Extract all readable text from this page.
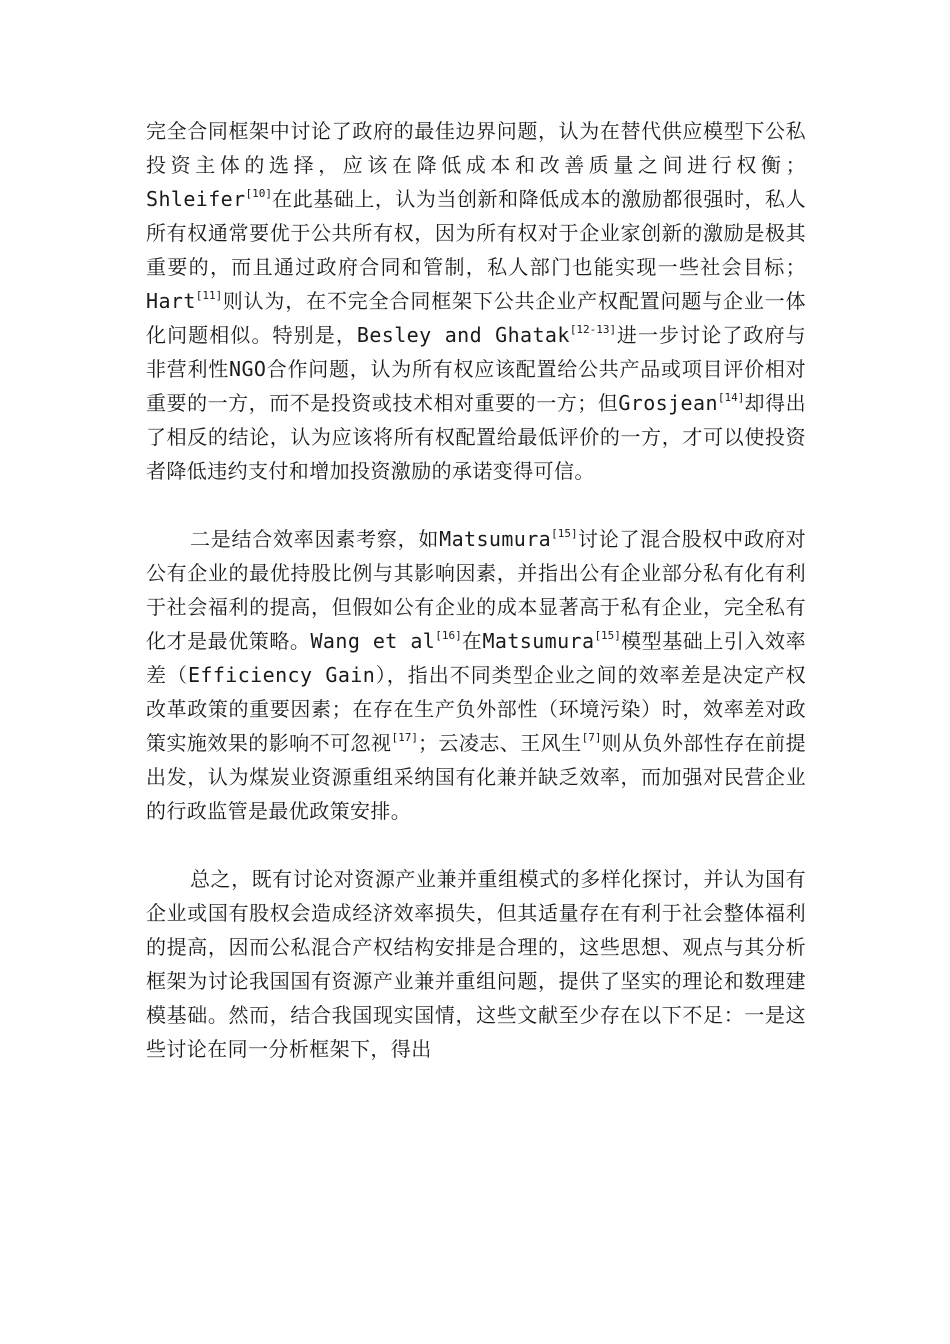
完全合同框架中讨论了政府的最佳边界问题，认为在替代供应模型下公私投资主体的选择，应该在降低成本和改善质量之间进行权衡；Shleifer[10]在此基础上，认为当创新和降低成本的激励都很强时，私人所有权通常要优于公共所有权，因为所有权对于企业家创新的激励是极其重要的，而且通过政府合同和管制，私人部门也能实现一些社会目标；Hart[11]则认为，在不完全合同框架下公共企业产权配置问题与企业一体化问题相似。特别是，Besley and Ghatak[12-13]进一步讨论了政府与非营利性NGO合作问题，认为所有权应该配置给公共产品或项目评价相对重要的一方，而不是投资或技术相对重要的一方；但Grosjean[14]却得出了相反的结论，认为应该将所有权配置给最低评价的一方，才可以使投资者降低违约支付和增加投资激励的承诺变得可信。

二是结合效率因素考察，如Matsumura[15]讨论了混合股权中政府对公有企业的最优持股比例与其影响因素，并指出公有企业部分私有化有利于社会福利的提高，但假如公有企业的成本显著高于私有企业，完全私有化才是最优策略。Wang et al[16]在Matsumura[15]模型基础上引入效率差（Efficiency Gain），指出不同类型企业之间的效率差是决定产权改革政策的重要因素；在存在生产负外部性（环境污染）时，效率差对政策实施效果的影响不可忽视[17]；云凌志、王风生[7]则从负外部性存在前提出发，认为煤炭业资源重组采纳国有化兼并缺乏效率，而加强对民营企业的行政监管是最优政策安排。

总之，既有讨论对资源产业兼并重组模式的多样化探讨，并认为国有企业或国有股权会造成经济效率损失，但其适量存在有利于社会整体福利的提高，因而公私混合产权结构安排是合理的，这些思想、观点与其分析框架为讨论我国国有资源产业兼并重组问题，提供了坚实的理论和数理建模基础。然而，结合我国现实国情，这些文献至少存在以下不足：一是这些讨论在同一分析框架下，得出
